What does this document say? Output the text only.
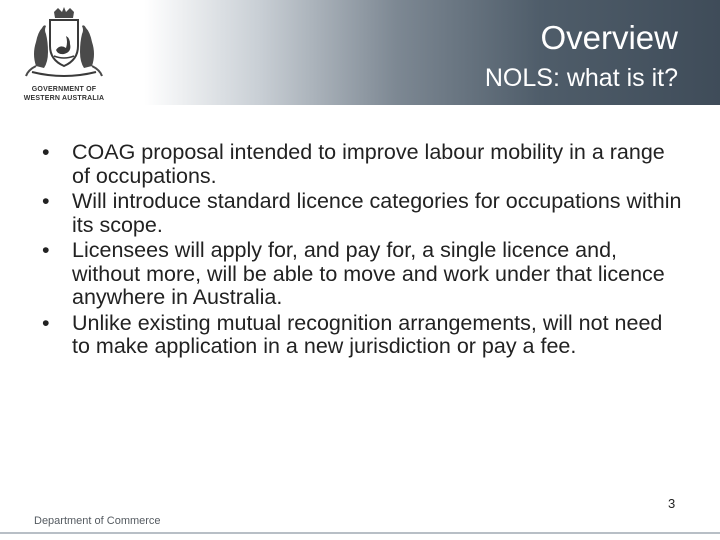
GOVERNMENT OF
WESTERN AUSTRALIA
Overview
NOLS: what is it?
• COAG proposal intended to improve labour mobility in a range of occupations.
• Will introduce standard licence categories for occupations within its scope.
• Licensees will apply for, and pay for, a single licence and, without more, will be able to move and work under that licence anywhere in Australia.
• Unlike existing mutual recognition arrangements, will not need to make application in a new jurisdiction or pay a fee.
3
Department of Commerce
